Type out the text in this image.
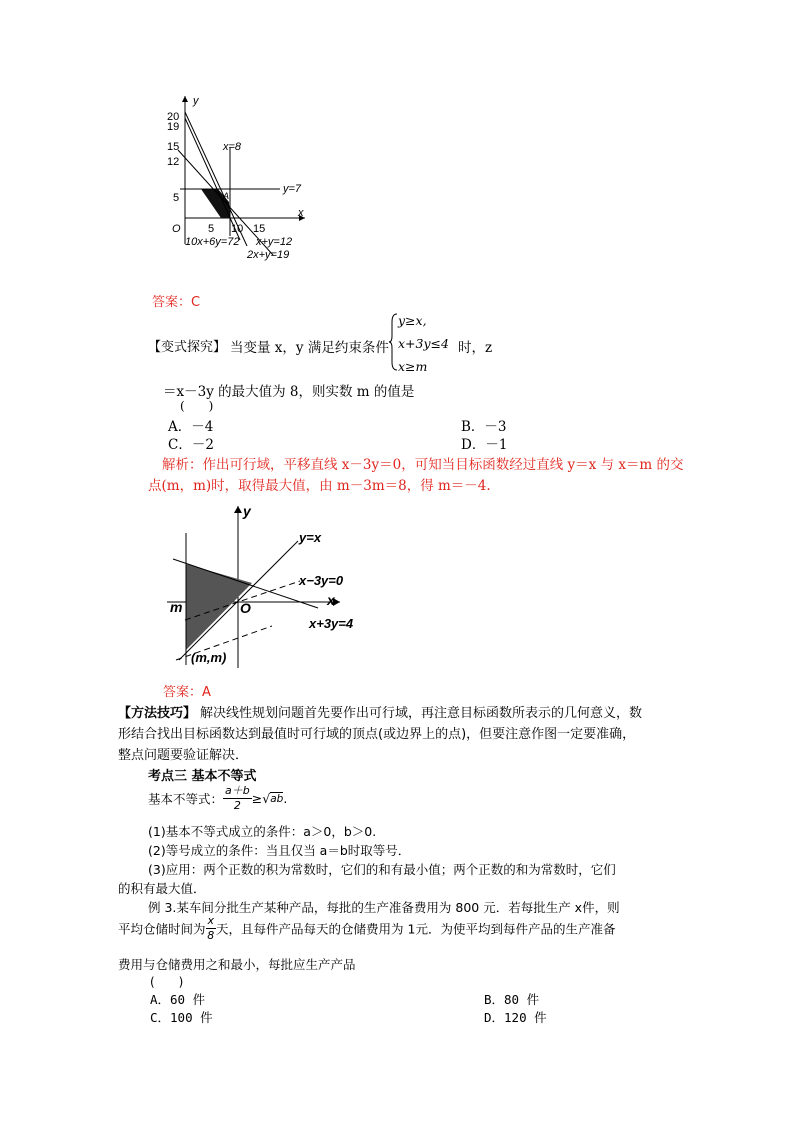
y
x
20
19
15
12
5
O 5 10 15
A
x=8
y=7
10x+6y=72 x+y=12
2x+y=19
答案：C
【变式探究】 当变量 x，y 满足约束条件
y≥x,
x+3y≤4
x≥m
时，z
＝x－3y 的最大值为 8，则实数 m 的值是
(　　)
A．－4	B．－3
C．－2	D．－1
解析：作出可行域，平移直线 x－3y＝0，可知当目标函数经过直线 y＝x 与 x＝m 的交
点(m，m)时，取得最大值，由 m－3m＝8，得 m＝－4.
y
x
O
m
(m,m)
y=x
x−3y=0
x+3y=4
答案：A
【方法技巧】 解决线性规划问题首先要作出可行域，再注意目标函数所表示的几何意义，数
形结合找出目标函数达到最值时可行域的顶点(或边界上的点)，但要注意作图一定要准确，
整点问题要验证解决．
考点三 基本不等式
基本不等式： $\frac{a+b}{2} \ge√ab$.
(1)基本不等式成立的条件：a＞0，b＞0.
(2)等号成立的条件：当且仅当 a＝b时取等号．
(3)应用：两个正数的积为常数时，它们的和有最小值；两个正数的和为常数时，它们
的积有最大值．
例 3.某车间分批生产某种产品，每批的生产准备费用为 800 元．若每批生产 x件，则
平均仓储时间为 $\frac{x}{8}$ 天，且每件产品每天的仓储费用为 1元．为使平均到每件产品的生产准备
费用与仓储费用之和最小，每批应生产产品
(　　)
A．60 件	B．80 件
C．100 件	D．120 件
